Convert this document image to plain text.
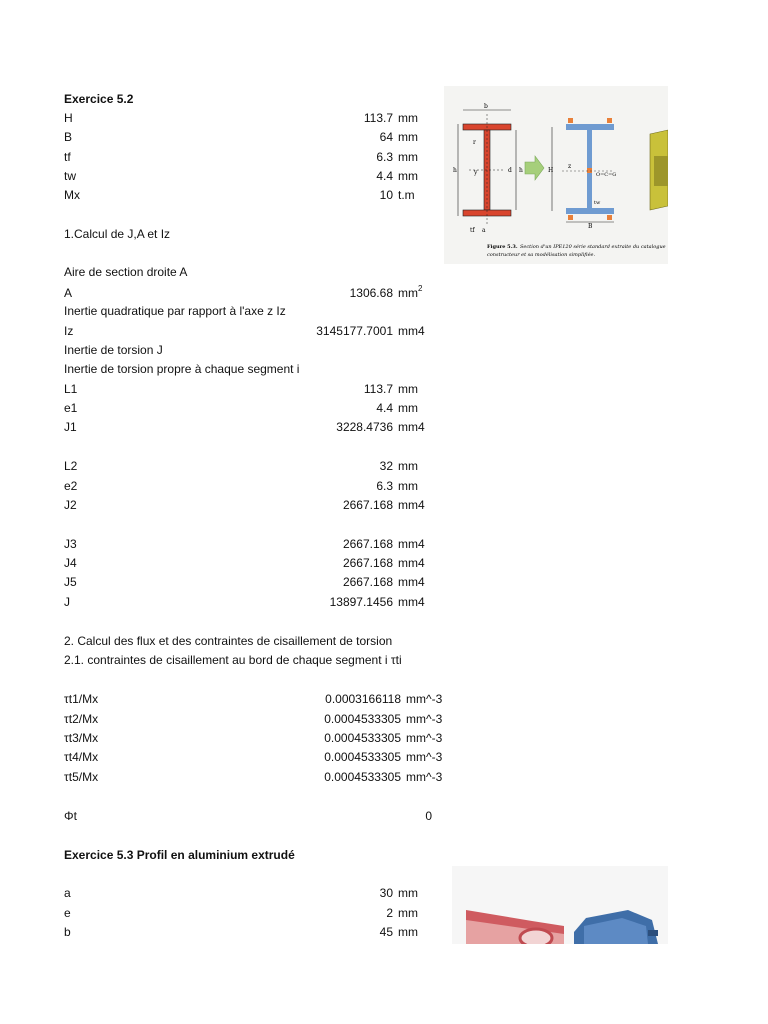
Exercice 5.2
H	113.7 mm
B	64 mm
tf	6.3 mm
tw	4.4 mm
Mx	10 t.m
1.Calcul de J,A et Iz
Aire de section droite A
A	1306.68 $mm^2$
Inertie quadratique par rapport à l'axe z Iz
Iz	3145177.7001 mm4
Inertie de torsion J
Inertie de torsion propre à chaque segment i
L1	113.7 mm
e1	4.4 mm
J1	3228.4736 mm4
L2	32 mm
e2	6.3 mm
J2	2667.168 mm4
J3	2667.168 mm4
J4	2667.168 mm4
J5	2667.168 mm4
J	13897.1456 mm4
2. Calcul des flux et des contraintes de cisaillement de torsion
2.1. contraintes de cisaillement au bord de chaque segment i τti
τt1/Mx	0.0003166118 mm^-3
τt2/Mx	0.0004533305 mm^-3
τt3/Mx	0.0004533305 mm^-3
τt4/Mx	0.0004533305 mm^-3
τt5/Mx	0.0004533305 mm^-3
Φt	0
Exercice 5.3 Profil en aluminium extrudé
a	30 mm
e	2 mm
b	45 mm
b
h	y	d h
tf a
r
H
O=C=G
z
B
tw
Figure 5.3. Section d'un IPE120 série standard extraite du catalogue
constructeur et sa modélisation simplifiée.
